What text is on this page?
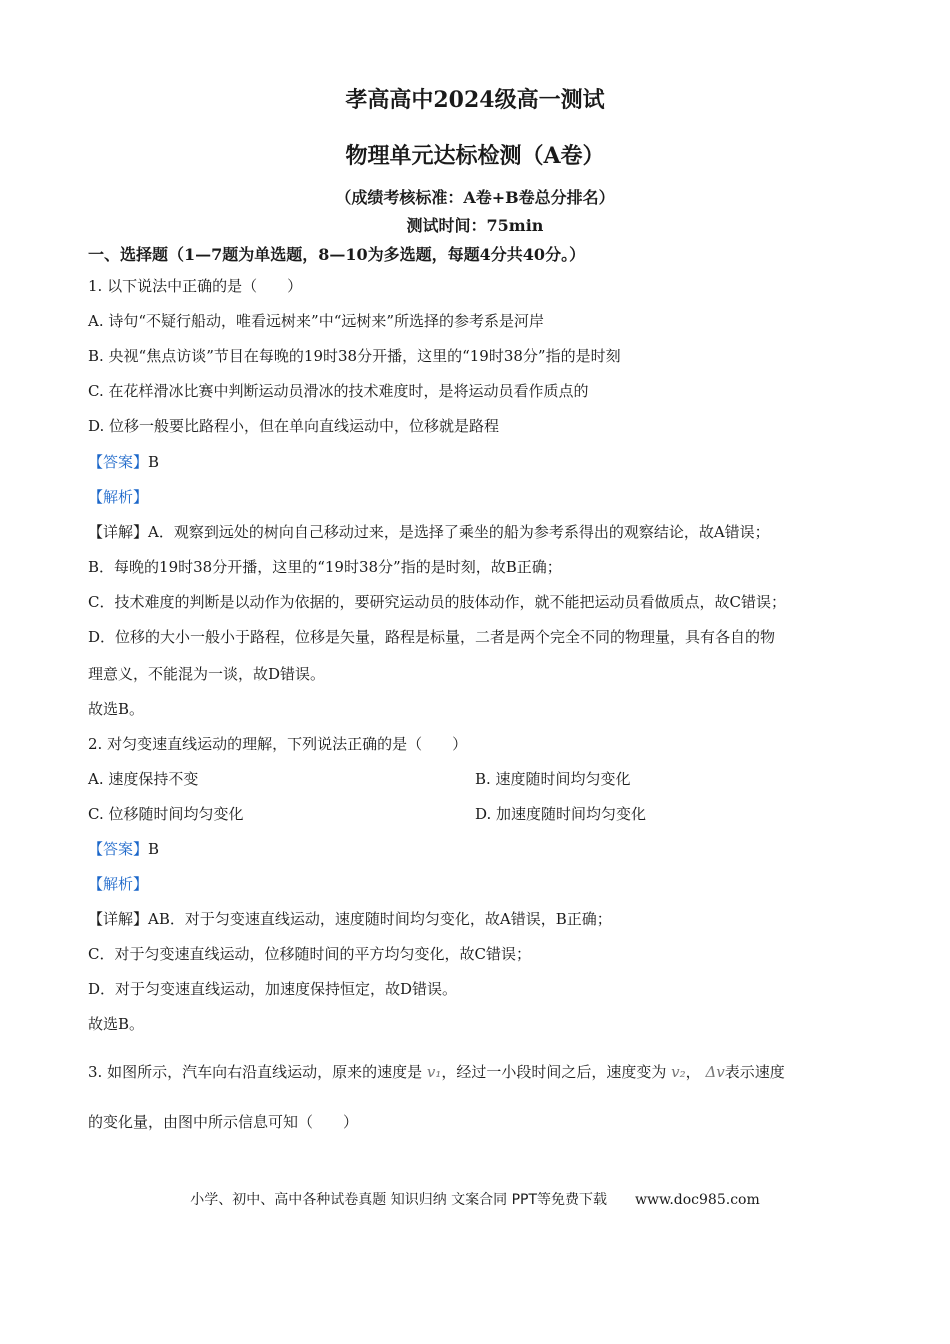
孝高高中2024级高一测试
物理单元达标检测（A卷）
（成绩考核标准：A卷+B卷总分排名）
测试时间：75min
一、选择题（1—7题为单选题，8—10为多选题，每题4分共40分。）
1. 以下说法中正确的是（　　）
A. 诗句“不疑行船动，唯看远树来”中“远树来”所选择的参考系是河岸
B. 央视“焦点访谈”节目在每晚的19时38分开播，这里的“19时38分”指的是时刻
C. 在花样滑冰比赛中判断运动员滑冰的技术难度时，是将运动员看作质点的
D. 位移一般要比路程小，但在单向直线运动中，位移就是路程
【答案】B
【解析】
【详解】A．观察到远处的树向自己移动过来，是选择了乘坐的船为参考系得出的观察结论，故A错误；
B．每晚的19时38分开播，这里的“19时38分”指的是时刻，故B正确；
C．技术难度的判断是以动作为依据的，要研究运动员的肢体动作，就不能把运动员看做质点，故C错误；
D．位移的大小一般小于路程，位移是矢量，路程是标量，二者是两个完全不同的物理量，具有各自的物
理意义，不能混为一谈，故D错误。
故选B。
2. 对匀变速直线运动的理解，下列说法正确的是（　　）
A. 速度保持不变	B. 速度随时间均匀变化
C. 位移随时间均匀变化	D. 加速度随时间均匀变化
【答案】B
【解析】
【详解】AB．对于匀变速直线运动，速度随时间均匀变化，故A错误，B正确；
C．对于匀变速直线运动，位移随时间的平方均匀变化，故C错误；
D．对于匀变速直线运动，加速度保持恒定，故D错误。
故选B。
3. 如图所示，汽车向右沿直线运动，原来的速度是 v₁，经过一小段时间之后，速度变为 v₂， Δv表示速度
的变化量，由图中所示信息可知（　　）
小学、初中、高中各种试卷真题 知识归纳 文案合同 PPT等免费下载 www.doc985.com
